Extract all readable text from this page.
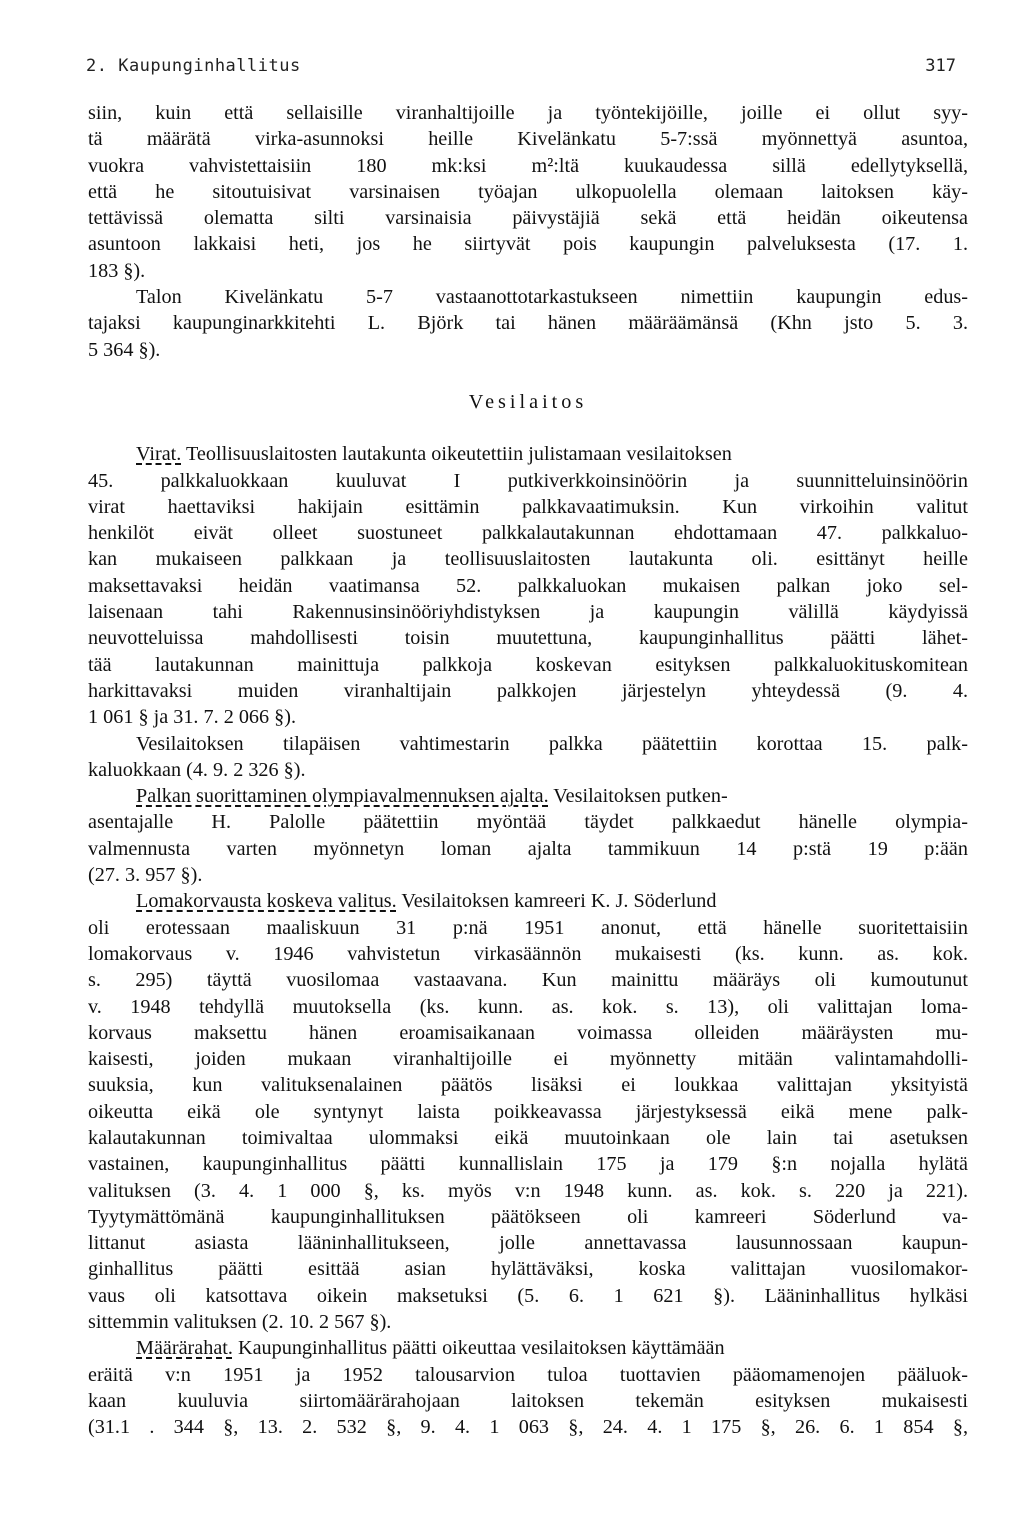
2. Kaupunginhallitus	317
siin, kuin että sellaisille viranhaltijoille ja työntekijöille, joille ei ollut syy-
tä määrätä virka-asunnoksi heille Kivelänkatu 5-7:ssä myönnettyä asuntoa,
vuokra vahvistettaisiin 180 mk:ksi m²:ltä kuukaudessa sillä edellytyksellä,
että he sitoutuisivat varsinaisen työajan ulkopuolella olemaan laitoksen käy-
tettävissä olematta silti varsinaisia päivystäjiä sekä että heidän oikeutensa
asuntoon lakkaisi heti, jos he siirtyvät pois kaupungin palveluksesta (17. 1.
183 §).
Talon Kivelänkatu 5-7 vastaanottotarkastukseen nimettiin kaupungin edus-
tajaksi kaupunginarkkitehti L. Björk tai hänen määräämänsä (Khn jsto 5. 3.
5 364 §).
Vesilaitos
Virat. Teollisuuslaitosten lautakunta oikeutettiin julistamaan vesilaitoksen
45. palkkaluokkaan kuuluvat I putkiverkkoinsinöörin ja suunnitteluinsinöörin
virat haettaviksi hakijain esittämin palkkavaatimuksin. Kun virkoihin valitut
henkilöt eivät olleet suostuneet palkkalautakunnan ehdottamaan 47. palkkaluo-
kan mukaiseen palkkaan ja teollisuuslaitosten lautakunta oli. esittänyt heille
maksettavaksi heidän vaatimansa 52. palkkaluokan mukaisen palkan joko sel-
laisenaan tahi Rakennusinsinööriyhdistyksen ja kaupungin välillä käydyissä
neuvotteluissa mahdollisesti toisin muutettuna, kaupunginhallitus päätti lähet-
tää lautakunnan mainittuja palkkoja koskevan esityksen palkkaluokituskomitean
harkittavaksi muiden viranhaltijain palkkojen järjestelyn yhteydessä (9. 4.
1 061 § ja 31. 7. 2 066 §).
Vesilaitoksen tilapäisen vahtimestarin palkka päätettiin korottaa 15. palk-
kaluokkaan (4. 9. 2 326 §).
Palkan suorittaminen olympiavalmennuksen ajalta. Vesilaitoksen putken-
asentajalle H. Palolle päätettiin myöntää täydet palkkaedut hänelle olympia-
valmennusta varten myönnetyn loman ajalta tammikuun 14 p:stä 19 p:ään
(27. 3. 957 §).
Lomakorvausta koskeva valitus. Vesilaitoksen kamreeri K. J. Söderlund
oli erotessaan maaliskuun 31 p:nä 1951 anonut, että hänelle suoritettaisiin
lomakorvaus v. 1946 vahvistetun virkasäännön mukaisesti (ks. kunn. as. kok.
s. 295) täyttä vuosilomaa vastaavana. Kun mainittu määräys oli kumoutunut
v. 1948 tehdyllä muutoksella (ks. kunn. as. kok. s. 13), oli valittajan loma-
korvaus maksettu hänen eroamisaikanaan voimassa olleiden määräysten mu-
kaisesti, joiden mukaan viranhaltijoille ei myönnetty mitään valintamahdolli-
suuksia, kun valituksenalainen päätös lisäksi ei loukkaa valittajan yksityistä
oikeutta eikä ole syntynyt laista poikkeavassa järjestyksessä eikä mene palk-
kalautakunnan toimivaltaa ulommaksi eikä muutoinkaan ole lain tai asetuksen
vastainen, kaupunginhallitus päätti kunnallislain 175 ja 179 §:n nojalla hylätä
valituksen (3. 4. 1 000 §, ks. myös v:n 1948 kunn. as. kok. s. 220 ja 221).
Tyytymättömänä kaupunginhallituksen päätökseen oli kamreeri Söderlund va-
littanut asiasta lääninhallitukseen, jolle annettavassa lausunnossaan kaupun-
ginhallitus päätti esittää asian hylättäväksi, koska valittajan vuosilomakor-
vaus oli katsottava oikein maksetuksi (5. 6. 1 621 §). Lääninhallitus hylkäsi
sittemmin valituksen (2. 10. 2 567 §).
Määrärahat. Kaupunginhallitus päätti oikeuttaa vesilaitoksen käyttämään
eräitä v:n 1951 ja 1952 talousarvion tuloa tuottavien pääomamenojen pääluok-
kaan kuuluvia siirtomäärärahojaan laitoksen tekemän esityksen mukaisesti
(31.1 . 344 §, 13. 2. 532 §, 9. 4. 1 063 §, 24. 4. 1 175 §, 26. 6. 1 854 §,
